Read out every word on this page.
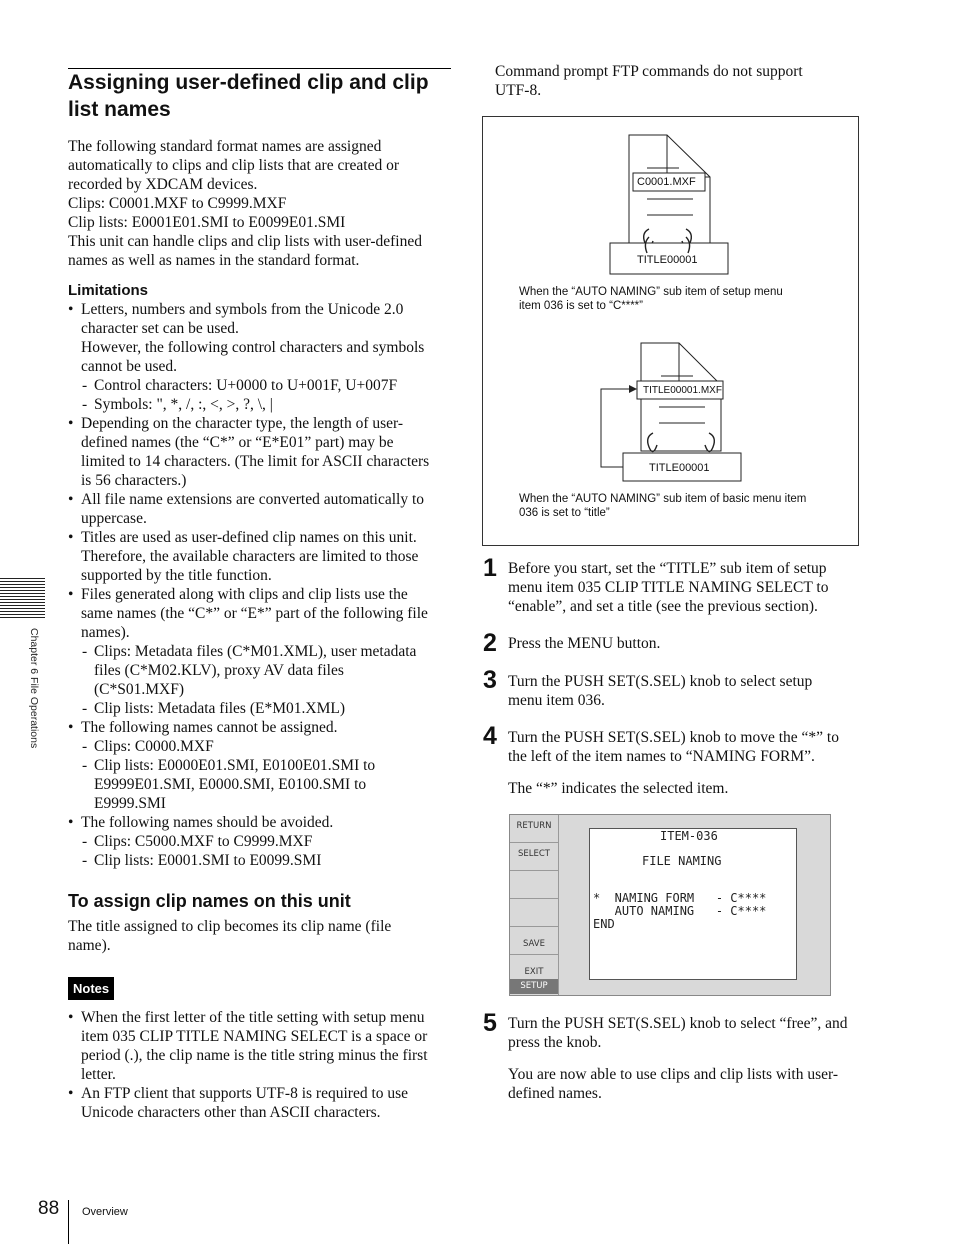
Assigning user-defined clip and clip
list names
The following standard format names are assigned
automatically to clips and clip lists that are created or
recorded by XDCAM devices.
Clips: C0001.MXF to C9999.MXF
Clip lists: E0001E01.SMI to E0099E01.SMI
This unit can handle clips and clip lists with user-defined
names as well as names in the standard format.
Limitations
• Letters, numbers and symbols from the Unicode 2.0
character set can be used.
However, the following control characters and symbols
cannot be used.
- Control characters: U+0000 to U+001F, U+007F
- Symbols: ", *, /, :, <, >, ?, \, |
• Depending on the character type, the length of user-
defined names (the “C*” or “E*E01” part) may be
limited to 14 characters. (The limit for ASCII characters
is 56 characters.)
• All file name extensions are converted automatically to
uppercase.
• Titles are used as user-defined clip names on this unit.
Therefore, the available characters are limited to those
supported by the title function.
• Files generated along with clips and clip lists use the
same names (the “C*” or “E*” part of the following file
names).
- Clips: Metadata files (C*M01.XML), user metadata
files (C*M02.KLV), proxy AV data files
(C*S01.MXF)
- Clip lists: Metadata files (E*M01.XML)
• The following names cannot be assigned.
- Clips: C0000.MXF
- Clip lists: E0000E01.SMI, E0100E01.SMI to
E9999E01.SMI, E0000.SMI, E0100.SMI to
E9999.SMI
• The following names should be avoided.
- Clips: C5000.MXF to C9999.MXF
- Clip lists: E0001.SMI to E0099.SMI
To assign clip names on this unit
The title assigned to clip becomes its clip name (file
name).
Notes
• When the first letter of the title setting with setup menu
item 035 CLIP TITLE NAMING SELECT is a space or
period (.), the clip name is the title string minus the first
letter.
• An FTP client that supports UTF-8 is required to use
Unicode characters other than ASCII characters.
Chapter 6 File Operations
88 Overview
Command prompt FTP commands do not support
UTF-8.
C0001.MXF
TITLE00001
When the “AUTO NAMING” sub item of setup menu
item 036 is set to “C****”
TITLE00001.MXF
TITLE00001
When the “AUTO NAMING” sub item of basic menu item
036 is set to “title”
1 Before you start, set the “TITLE” sub item of setup
menu item 035 CLIP TITLE NAMING SELECT to
“enable”, and set a title (see the previous section).
2 Press the MENU button.
3 Turn the PUSH SET(S.SEL) knob to select setup
menu item 036.
4 Turn the PUSH SET(S.SEL) knob to move the “*” to
the left of the item names to “NAMING FORM”.
The “*” indicates the selected item.
RETURN
SELECT
SAVE
EXIT
SETUP
ITEM-036
FILE NAMING
*  NAMING FORM   - C****
AUTO NAMING   - C****
END
5 Turn the PUSH SET(S.SEL) knob to select “free”, and
press the knob.
You are now able to use clips and clip lists with user-
defined names.
